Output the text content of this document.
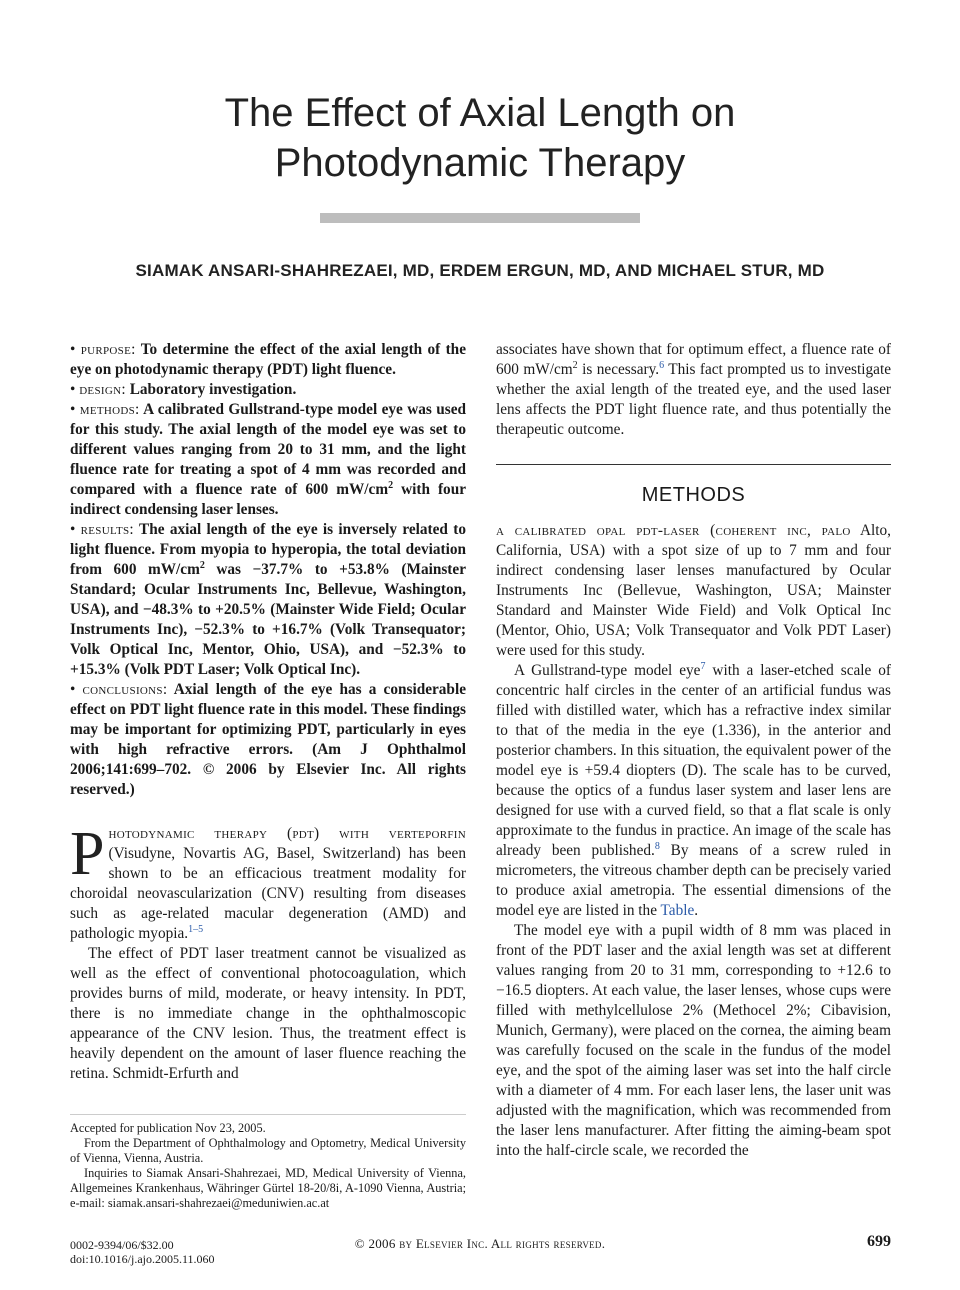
The Effect of Axial Length on
Photodynamic Therapy
SIAMAK ANSARI-SHAHREZAEI, MD, ERDEM ERGUN, MD, AND MICHAEL STUR, MD

• purpose: To determine the effect of the axial length of the eye on photodynamic therapy (PDT) light fluence.

• design: Laboratory investigation.

• methods: A calibrated Gullstrand-type model eye was used for this study. The axial length of the model eye was set to different values ranging from 20 to 31 mm, and the light fluence rate for treating a spot of 4 mm was recorded and compared with a fluence rate of 600 $mW/cm^2$ with four indirect condensing laser lenses.

• results: The axial length of the eye is inversely related to light fluence. From myopia to hyperopia, the total deviation from 600 $mW/cm^2$ was −37.7% to +53.8% (Mainster Standard; Ocular Instruments Inc, Bellevue, Washington, USA), and −48.3% to +20.5% (Mainster Wide Field; Ocular Instruments Inc), −52.3% to +16.7% (Volk Transequator; Volk Optical Inc, Mentor, Ohio, USA), and −52.3% to +15.3% (Volk PDT Laser; Volk Optical Inc).

• conclusions: Axial length of the eye has a considerable effect on PDT light fluence rate in this model. These findings may be important for optimizing PDT, particularly in eyes with high refractive errors. (Am J Ophthalmol 2006;141:699–702. © 2006 by Elsevier Inc. All rights reserved.)

Photodynamic therapy (pdt) with verteporfin (Visudyne, Novartis AG, Basel, Switzerland) has been shown to be an efficacious treatment modality for choroidal neovascularization (CNV) resulting from diseases such as age-related macular degeneration (AMD) and pathologic myopia.$^{1-5}$

The effect of PDT laser treatment cannot be visualized as well as the effect of conventional photocoagulation, which provides burns of mild, moderate, or heavy intensity. In PDT, there is no immediate change in the ophthalmoscopic appearance of the CNV lesion. Thus, the treatment effect is heavily dependent on the amount of laser fluence reaching the retina. Schmidt-Erfurth and

associates have shown that for optimum effect, a fluence rate of 600 $mW/cm^2$ is necessary.$^6$ This fact prompted us to investigate whether the axial length of the treated eye, and the used laser lens affects the PDT light fluence rate, and thus potentially the therapeutic outcome.

METHODS

a calibrated opal pdt-laser (coherent inc, palo Alto, California, USA) with a spot size of up to 7 mm and four indirect condensing laser lenses manufactured by Ocular Instruments Inc (Bellevue, Washington, USA; Mainster Standard and Mainster Wide Field) and Volk Optical Inc (Mentor, Ohio, USA; Volk Transequator and Volk PDT Laser) were used for this study.

A Gullstrand-type model eye$^7$ with a laser-etched scale of concentric half circles in the center of an artificial fundus was filled with distilled water, which has a refractive index similar to that of the media in the eye (1.336), in the anterior and posterior chambers. In this situation, the equivalent power of the model eye is +59.4 diopters (D). The scale has to be curved, because the optics of a fundus laser system and laser lens are designed for use with a curved field, so that a flat scale is only approximate to the fundus in practice. An image of the scale has already been published.$^8$ By means of a screw ruled in micrometers, the vitreous chamber depth can be precisely varied to produce axial ametropia. The essential dimensions of the model eye are listed in the Table.

The model eye with a pupil width of 8 mm was placed in front of the PDT laser and the axial length was set at different values ranging from 20 to 31 mm, corresponding to +12.6 to −16.5 diopters. At each value, the laser lenses, whose cups were filled with methylcellulose 2% (Methocel 2%; Cibavision, Munich, Germany), were placed on the cornea, the aiming beam was carefully focused on the scale in the fundus of the model eye, and the spot of the aiming laser was set into the half circle with a diameter of 4 mm. For each laser lens, the laser unit was adjusted with the magnification, which was recommended from the laser lens manufacturer. After fitting the aiming-beam spot into the half-circle scale, we recorded the

Accepted for publication Nov 23, 2005.

From the Department of Ophthalmology and Optometry, Medical University of Vienna, Vienna, Austria.

Inquiries to Siamak Ansari-Shahrezaei, MD, Medical University of Vienna, Allgemeines Krankenhaus, Währinger Gürtel 18-20/8i, A-1090 Vienna, Austria; e-mail: siamak.ansari-shahrezaei@meduniwien.ac.at

0002-9394/06/$32.00
doi:10.1016/j.ajo.2005.11.060
© 2006 by Elsevier Inc. All rights reserved.	699
